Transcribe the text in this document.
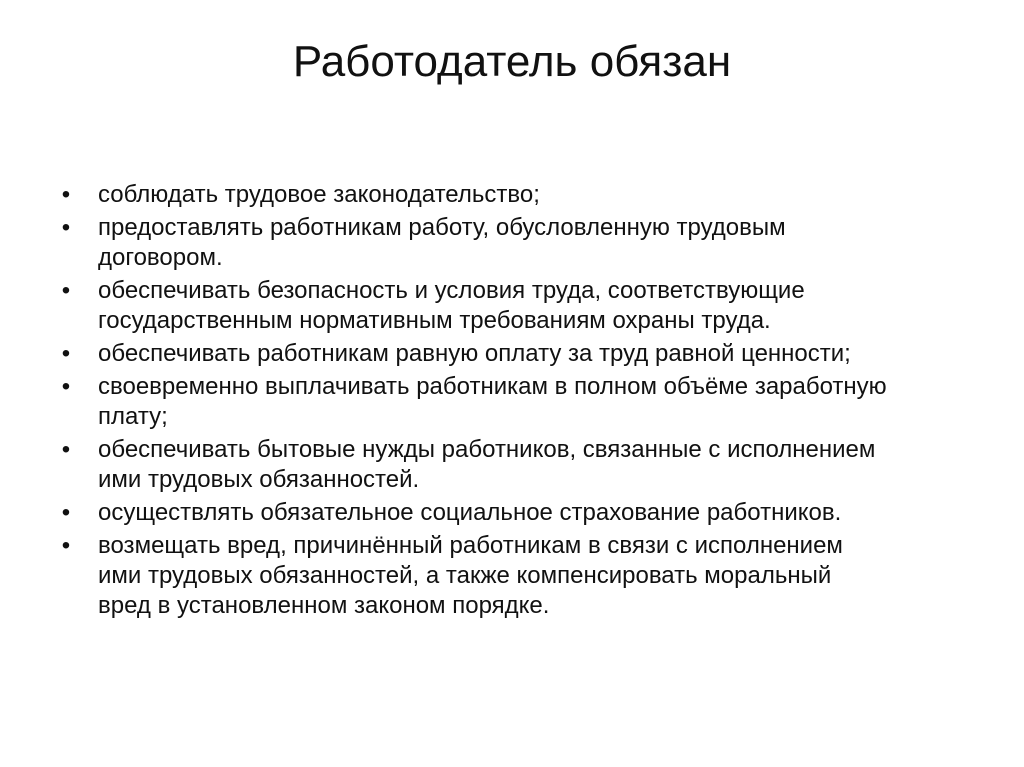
Работодатель обязан
• соблюдать трудовое законодательство;
• предоставлять работникам работу, обусловленную трудовым
договором.
• обеспечивать безопасность и условия труда, соответствующие
государственным нормативным требованиям охраны труда.
• обеспечивать работникам равную оплату за труд равной ценности;
• своевременно выплачивать работникам в полном объёме заработную
плату;
• обеспечивать бытовые нужды работников, связанные с исполнением
ими трудовых обязанностей.
• осуществлять обязательное социальное страхование работников.
• возмещать вред, причинённый работникам в связи с исполнением
ими трудовых обязанностей, а также компенсировать моральный
вред в установленном законом порядке.
